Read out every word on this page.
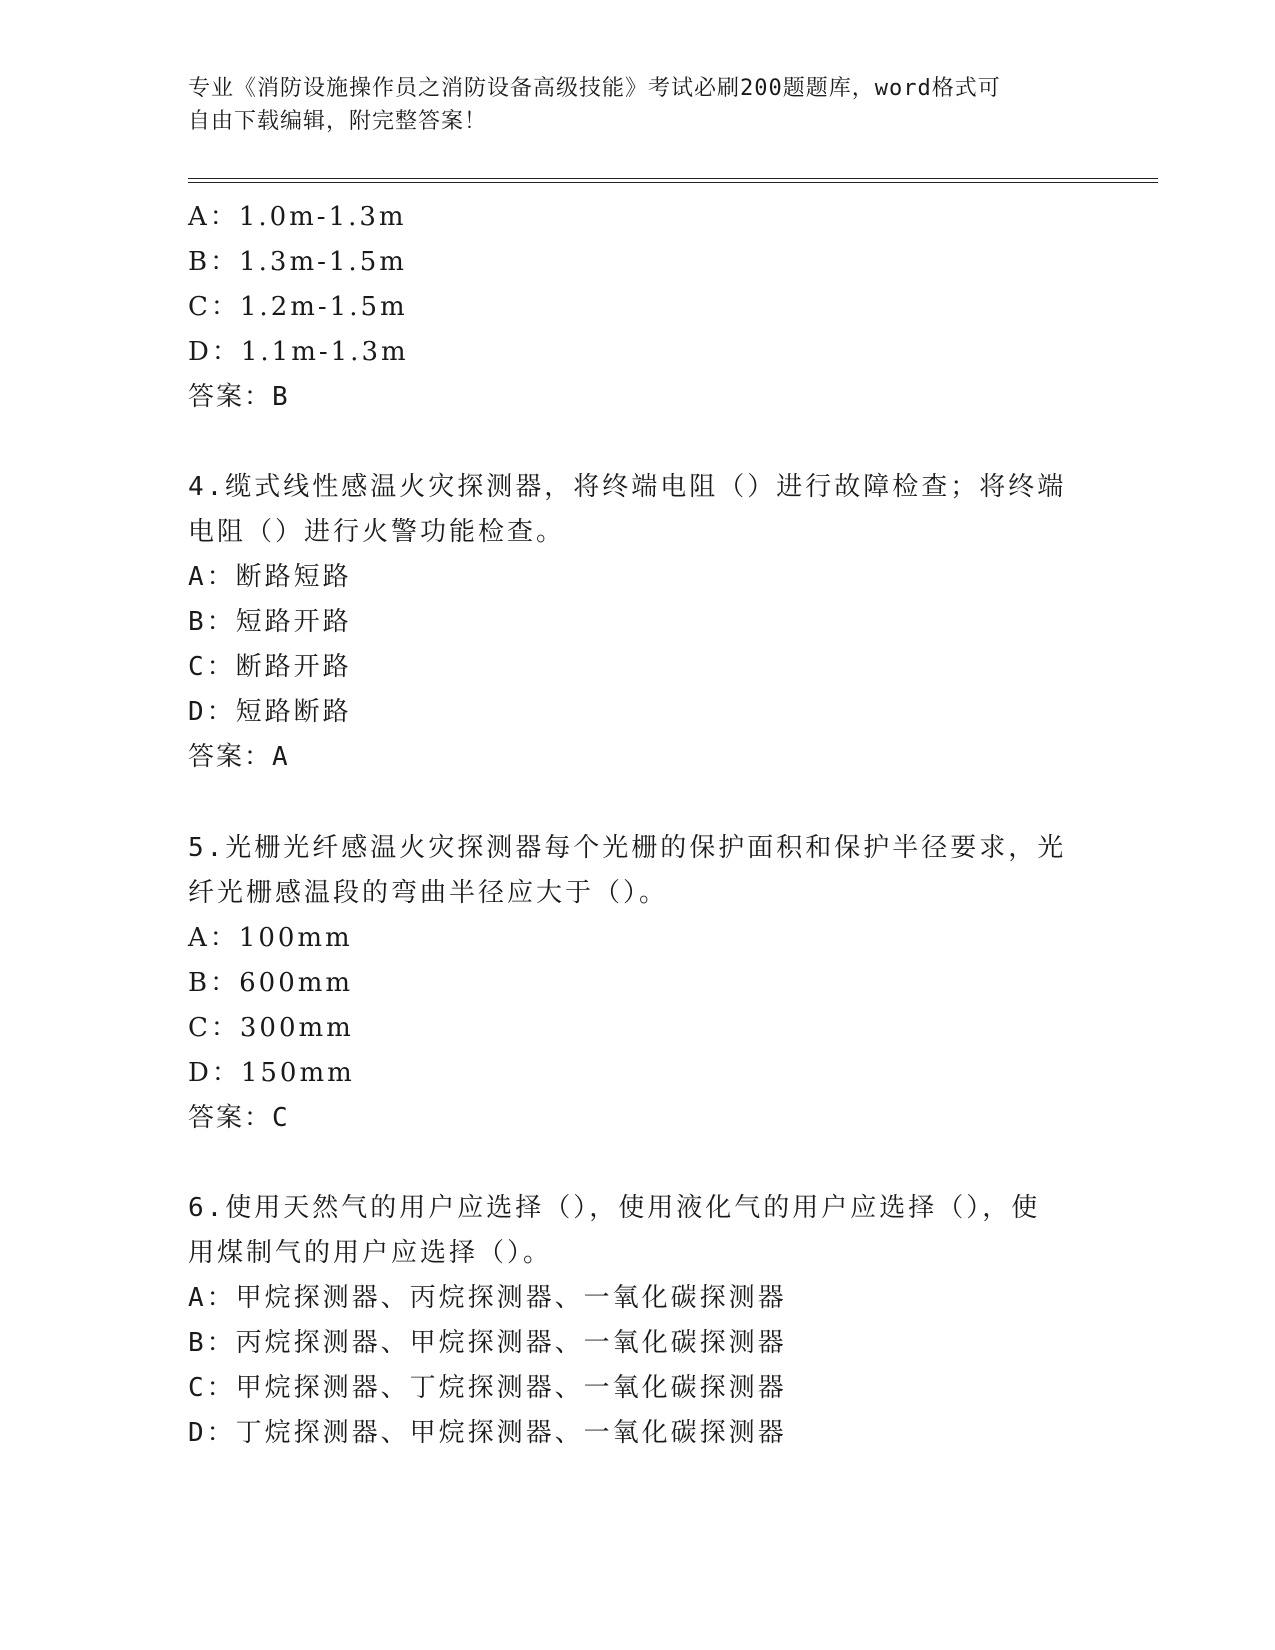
专业《消防设施操作员之消防设备高级技能》考试必刷200题题库，word格式可
自由下载编辑，附完整答案！
A：1.0m-1.3m
B：1.3m-1.5m
C：1.2m-1.5m
D：1.1m-1.3m
答案：B
4.缆式线性感温火灾探测器，将终端电阻（）进行故障检查；将终端
电阻（）进行火警功能检查。
A：断路短路
B：短路开路
C：断路开路
D：短路断路
答案：A
5.光栅光纤感温火灾探测器每个光栅的保护面积和保护半径要求，光
纤光栅感温段的弯曲半径应大于（）。
A：100mm
B：600mm
C：300mm
D：150mm
答案：C
6.使用天然气的用户应选择（），使用液化气的用户应选择（），使
用煤制气的用户应选择（）。
A：甲烷探测器、丙烷探测器、一氧化碳探测器
B：丙烷探测器、甲烷探测器、一氧化碳探测器
C：甲烷探测器、丁烷探测器、一氧化碳探测器
D：丁烷探测器、甲烷探测器、一氧化碳探测器
